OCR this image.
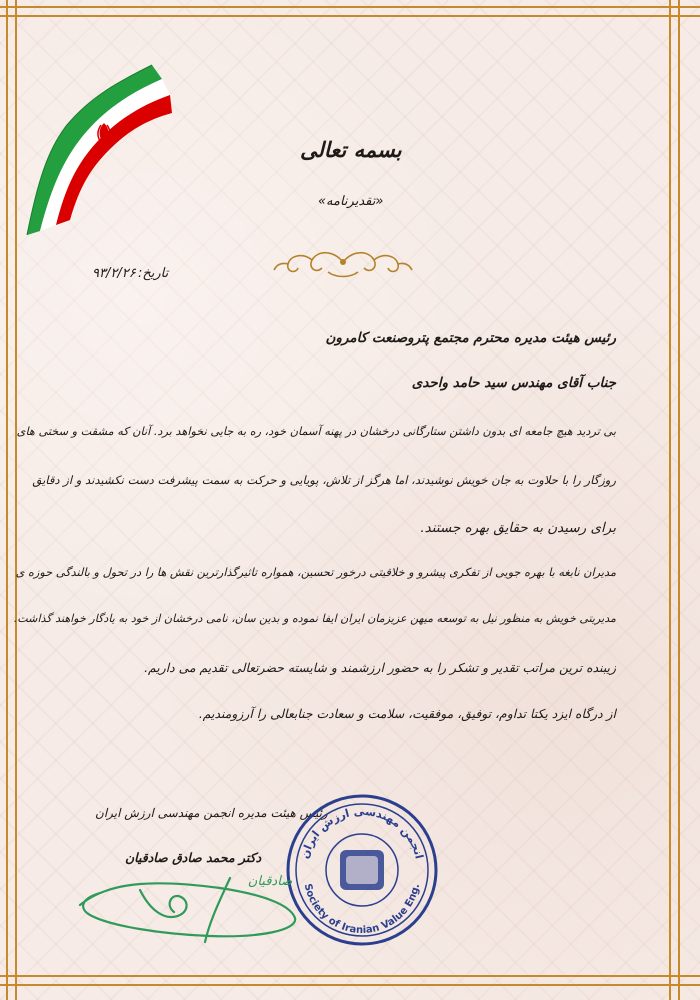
بسمه تعالی
«تقدیرنامه»
تاریخ:
۹۳/۲/۲۶
رئیس هیئت مدیره محترم مجتمع پتروصنعت کامرون
جناب آقای مهندس سید حامد واحدی
بی تردید هیچ جامعه ای بدون داشتن ستارگانی درخشان در پهنه آسمان خود، ره به جایی نخواهد برد. آنان که مشقت و سختی های
روزگار را با حلاوت به جان خویش نوشیدند، اما هرگز از تلاش، پویایی و حرکت به سمت پیشرفت دست نکشیدند و از دقایق
برای رسیدن به حقایق بهره جستند.
مدیران نابغه با بهره جویی از تفکری پیشرو و خلاقیتی درخور تحسین، همواره تاثیرگذارترین نقش ها را در تحول و بالندگی حوزه ی
مدیریتی خویش به منظور نیل به توسعه میهن عزیزمان ایران ایفا نموده و بدین سان، نامی درخشان از خود به یادگار خواهند گذاشت.
زیبنده ترین مراتب تقدیر و تشکر را به حضور ارزشمند و شایسته حضرتعالی تقدیم می داریم.
از درگاه ایزد یکتا تداوم، توفیق، موفقیت، سلامت و سعادت جنابعالی را آرزومندیم.
رئیس هیئت مدیره انجمن مهندسی ارزش ایران
دکتر محمد صادق صادقیان	انجمن مهندسی ارزش ایران
Society of Iranian Value Eng.
صادقیان
